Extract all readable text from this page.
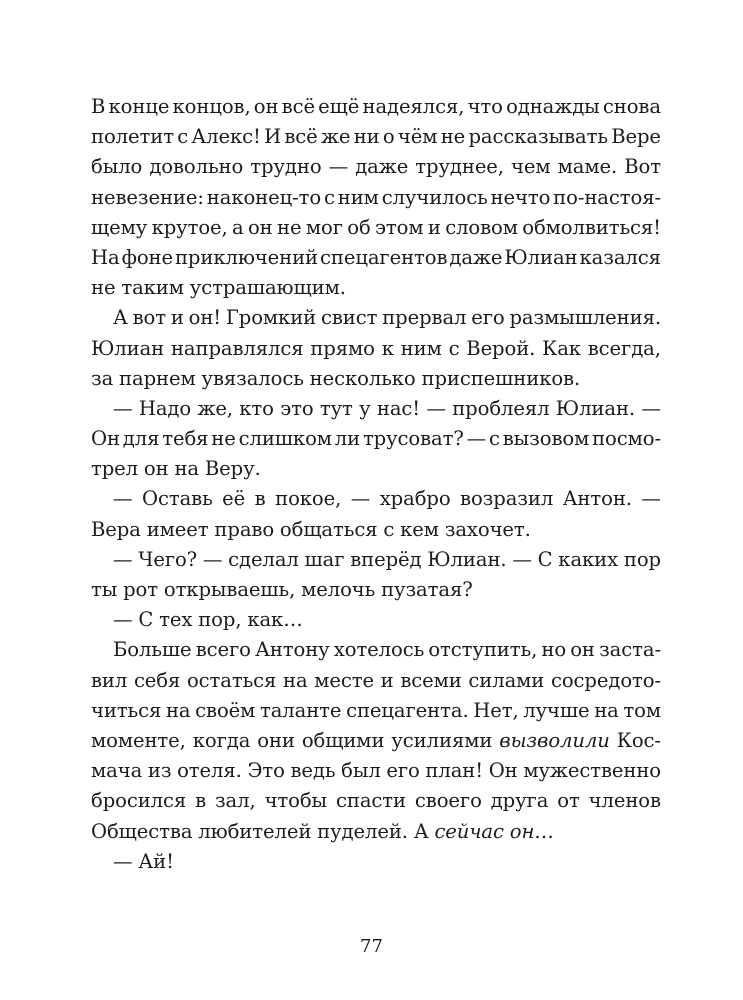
В конце концов, он всё ещё надеялся, что однажды снова
полетит с Алекс! И всё же ни о чём не рассказывать Вере
было довольно трудно — даже труднее, чем маме. Вот
невезение: наконец-то с ним случилось нечто по-настоя-
щему крутое, а он не мог об этом и словом обмолвиться!
На фоне приключений спецагентов даже Юлиан казался
не таким устрашающим.
А вот и он! Громкий свист прервал его размышления.
Юлиан направлялся прямо к ним с Верой. Как всегда,
за парнем увязалось несколько приспешников.
— Надо же, кто это тут у нас! — проблеял Юлиан. —
Он для тебя не слишком ли трусоват? — с вызовом посмо-
трел он на Веру.
— Оставь её в покое, — храбро возразил Антон. —
Вера имеет право общаться с кем захочет.
— Чего? — сделал шаг вперёд Юлиан. — С каких пор
ты рот открываешь, мелочь пузатая?
— С тех пор, как…
Больше всего Антону хотелось отступить, но он застa-
вил себя остаться на месте и всеми силами сосредото-
читься на своём таланте спецагента. Нет, лучше на том
моменте, когда они общими усилиями вызволили Кос-
мача из отеля. Это ведь был его план! Он мужественно
бросился в зал, чтобы спасти своего друга от членов
Общества любителей пуделей. А сейчас он…
— Ай!
77
